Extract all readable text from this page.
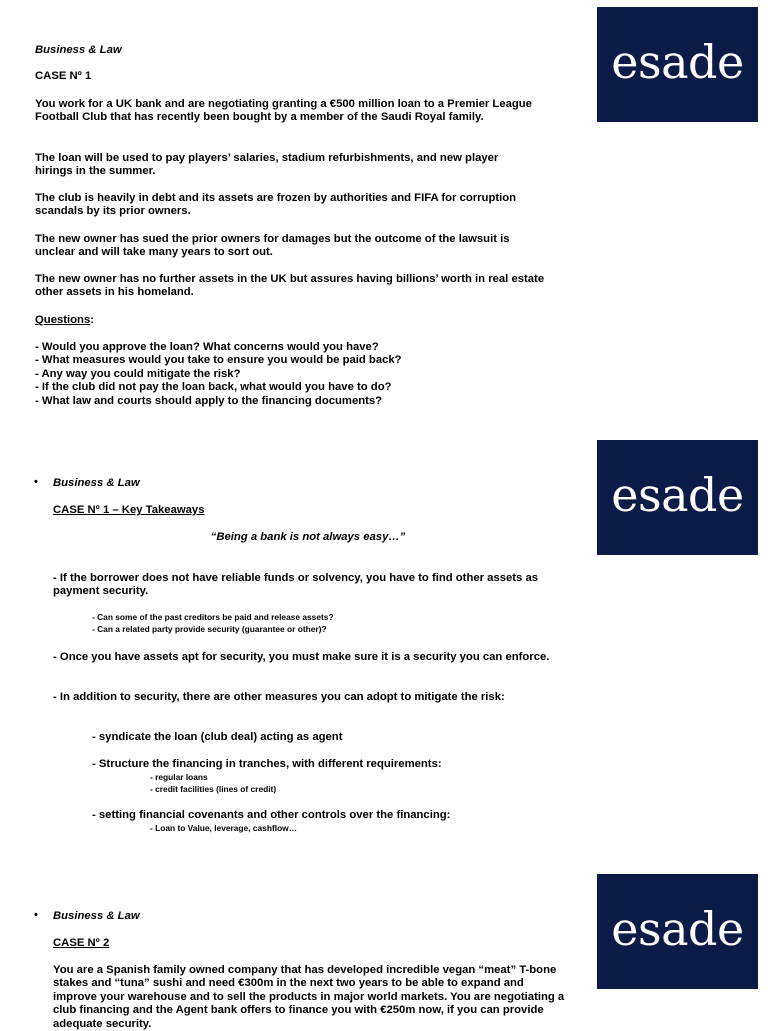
esade

Business & Law

CASE Nº 1

You work for a UK bank and are negotiating granting a €500 million loan to a Premier League Football Club that has recently been bought by a member of the Saudi Royal family.

The loan will be used to pay players’ salaries, stadium refurbishments, and new player hirings in the summer.

The club is heavily in debt and its assets are frozen by authorities and FIFA for corruption scandals by its prior owners.

The new owner has sued the prior owners for damages but the outcome of the lawsuit is unclear and will take many years to sort out.

The new owner has no further assets in the UK but assures having billions’ worth in real estate other assets in his homeland.

Questions:

- Would you approve the loan? What concerns would you have?
- What measures would you take to ensure you would be paid back?
- Any way you could mitigate the risk?
- If the club did not pay the loan back, what would you have to do?
- What law and courts should apply to the financing documents?
esade
• Business & Law

CASE Nº 1 – Key Takeaways

“Being a bank is not always easy…”

- If the borrower does not have reliable funds or solvency, you have to find other assets as payment security.

- Can some of the past creditors be paid and release assets?
- Can a related party provide security (guarantee or other)?

- Once you have assets apt for security, you must make sure it is a security you can enforce.

- In addition to security, there are other measures you can adopt to mitigate the risk:

- syndicate the loan (club deal) acting as agent

- Structure the financing in tranches, with different requirements:

- regular loans
- credit facilities (lines of credit)

- setting financial covenants and other controls over the financing:

- Loan to Value, leverage, cashflow…

esade
• Business & Law

CASE Nº 2

You are a Spanish family owned company that has developed incredible vegan “meat” T-bone stakes and “tuna” sushi and need €300m in the next two years to be able to expand and improve your warehouse and to sell the products in major world markets. You are negotiating a club financing and the Agent bank offers to finance you with €250m now, if you can provide adequate security.
